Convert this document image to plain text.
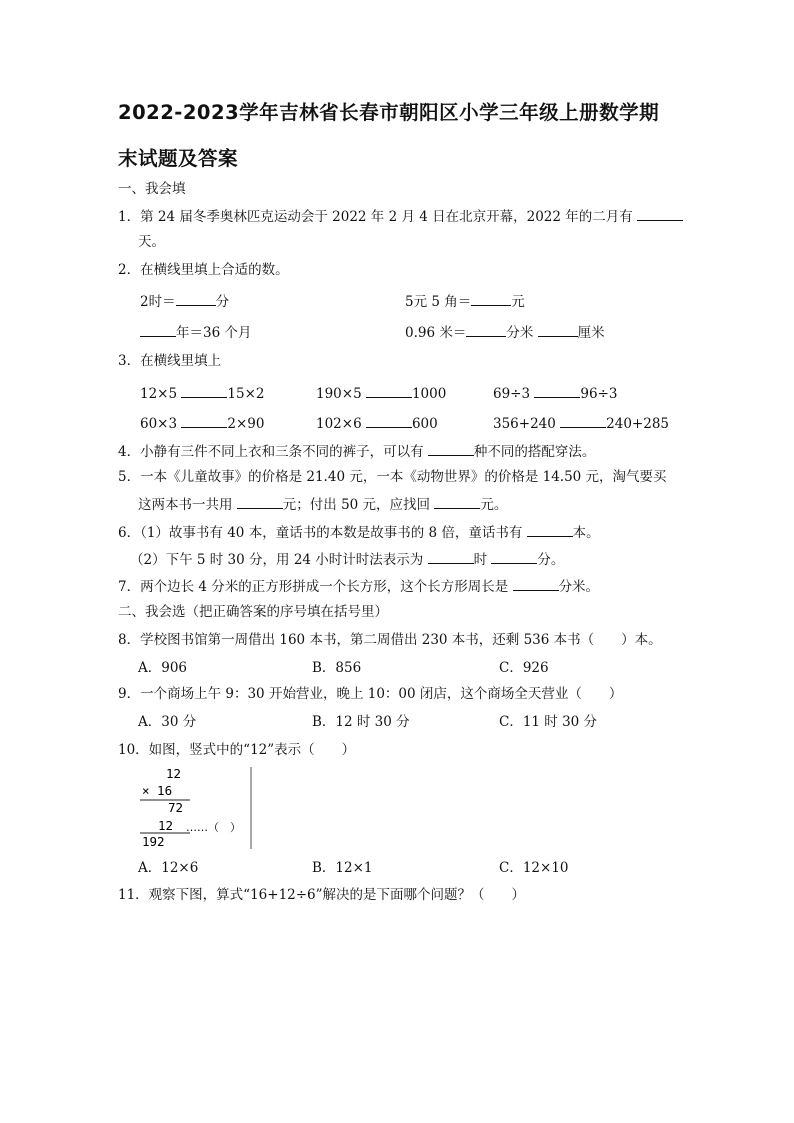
2022-2023学年吉林省长春市朝阳区小学三年级上册数学期
末试题及答案
一、我会填
1．第 24 届冬季奥林匹克运动会于 2022 年 2 月 4 日在北京开幕，2022 年的二月有
天。
2．在横线里填上合适的数。
2时＝	分	5元 5 角＝	元
年＝36 个月	0.96 米＝	分米	厘米
3．在横线里填上
12×5	15×2	190×5	1000	69÷3	96÷3
60×3	2×90	102×6	600	356+240	240+285
4．小静有三件不同上衣和三条不同的裤子，可以有	种不同的搭配穿法。
5．一本《儿童故事》的价格是 21.40 元，一本《动物世界》的价格是 14.50 元，淘气要买
这两本书一共用	元；付出 50 元，应找回	元。
6．（1）故事书有 40 本，童话书的本数是故事书的 8 倍，童话书有	本。
（2）下午 5 时 30 分，用 24 小时计时法表示为	时	分。
7．两个边长 4 分米的正方形拼成一个长方形，这个长方形周长是	分米。
二、我会选（把正确答案的序号填在括号里）
8．学校图书馆第一周借出 160 本书，第二周借出 230 本书，还剩 536 本书（　　）本。
A．906	B．856	C．926
9．一个商场上午 9：30 开始营业，晚上 10：00 闭店，这个商场全天营业（　　）
A．30 分	B．12 时 30 分	C．11 时 30 分
10．如图，竖式中的“12”表示（　　）
12
× 16
72
12 ……（　）
192
A．12×6	B．12×1	C．12×10
11．观察下图，算式“16+12÷6”解决的是下面哪个问题？（　　）
